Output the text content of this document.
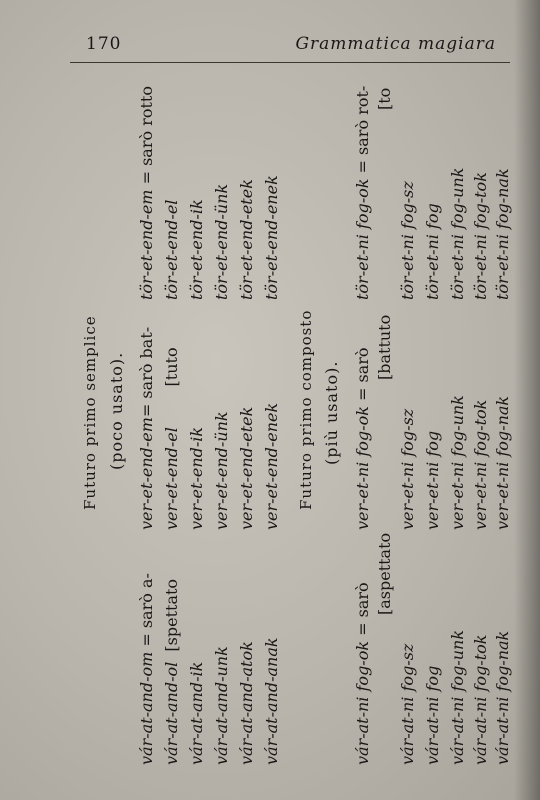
170	Grammatica magiara
Futuro primo semplice (poco usato).
vár-at-and-om = sarò a-
vár-at-and-ol  [spettato
vár-at-and-ik vár-at-and-unk vár-at-and-atok vár-at-and-anak
ver-et-end-em= sarò bat-
ver-et-end-el        [tuto
ver-et-end-ik ver-et-end-ünk ver-et-end-etek ver-et-end-enek
tör-et-end-em = sarò rotto
tör-et-end-el tör-et-end-ik tör-et-end-ünk tör-et-end-etek tör-et-end-enek
Futuro primo composto (più usato).
vár-at-ni fog-ok = sarò [aspettato
vár-at-ni fog-sz vár-at-ni fog vár-at-ni fog-unk vár-at-ni fog-tok vár-at-ni fog-nak
ver-et-ni fog-ok = sarò [battuto
ver-et-ni fog-sz ver-et-ni fog ver-et-ni fog-unk ver-et-ni fog-tok ver-et-ni fog-nak
tör-et-ni fog-ok = sarò rot- [to
tör-et-ni fog-sz tör-et-ni fog tör-et-ni fog-unk tör-et-ni fog-tok tör-et-ni fog-nak
